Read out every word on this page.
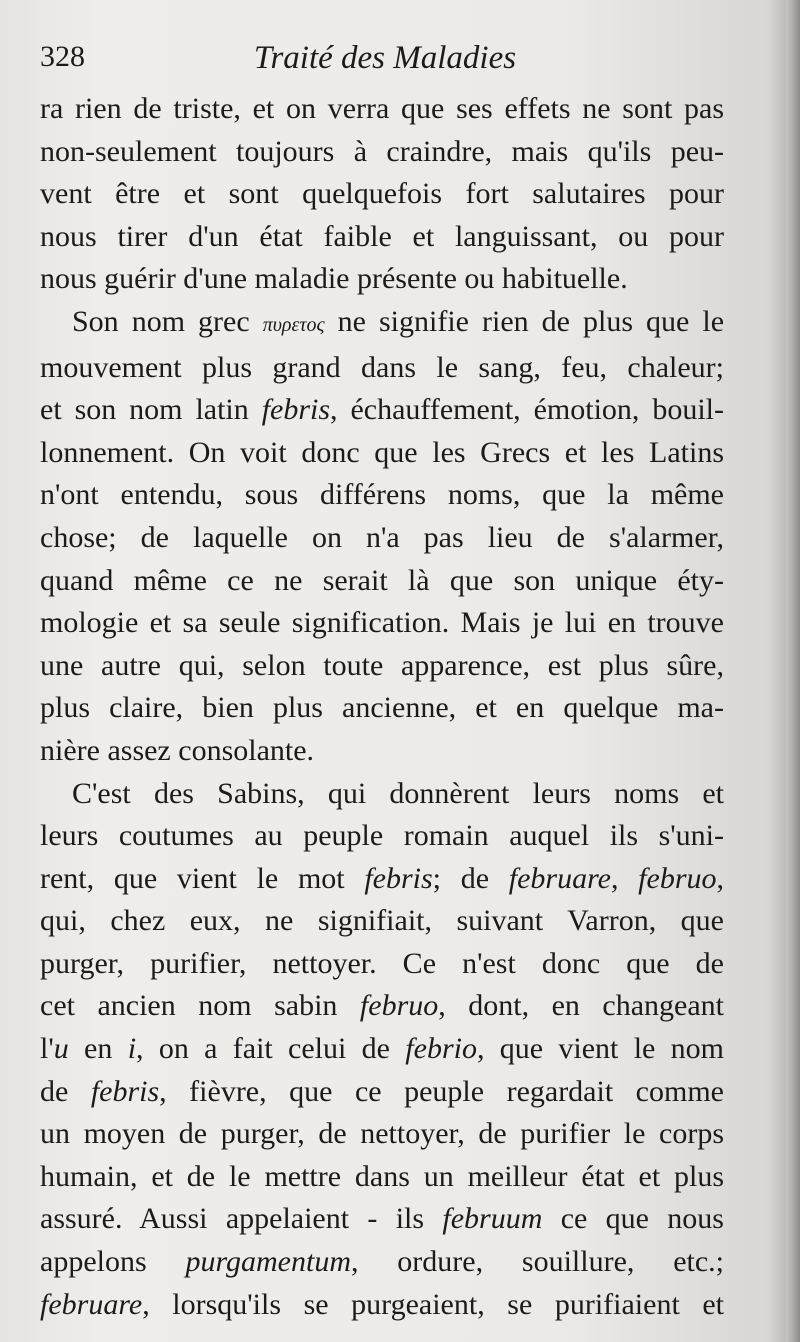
328	Traité des Maladies
ra rien de triste, et on verra que ses effets ne sont pas
non-seulement toujours à craindre, mais qu'ils peu-
vent être et sont quelquefois fort salutaires pour
nous tirer d'un état faible et languissant, ou pour
nous guérir d'une maladie présente ou habituelle.
Son nom grec πυρετος ne signifie rien de plus que le
mouvement plus grand dans le sang, feu, chaleur;
et son nom latin febris, échauffement, émotion, bouil-
lonnement. On voit donc que les Grecs et les Latins
n'ont entendu, sous différens noms, que la même
chose; de laquelle on n'a pas lieu de s'alarmer,
quand même ce ne serait là que son unique éty-
mologie et sa seule signification. Mais je lui en trouve
une autre qui, selon toute apparence, est plus sûre,
plus claire, bien plus ancienne, et en quelque ma-
nière assez consolante.
C'est des Sabins, qui donnèrent leurs noms et
leurs coutumes au peuple romain auquel ils s'uni-
rent, que vient le mot febris; de februare, februo,
qui, chez eux, ne signifiait, suivant Varron, que
purger, purifier, nettoyer. Ce n'est donc que de
cet ancien nom sabin februo, dont, en changeant
l'u en i, on a fait celui de febrio, que vient le nom
de febris, fièvre, que ce peuple regardait comme
un moyen de purger, de nettoyer, de purifier le corps
humain, et de le mettre dans un meilleur état et plus
assuré. Aussi appelaient - ils februum ce que nous
appelons purgamentum, ordure, souillure, etc.;
februare, lorsqu'ils se purgeaient, se purifiaient et
